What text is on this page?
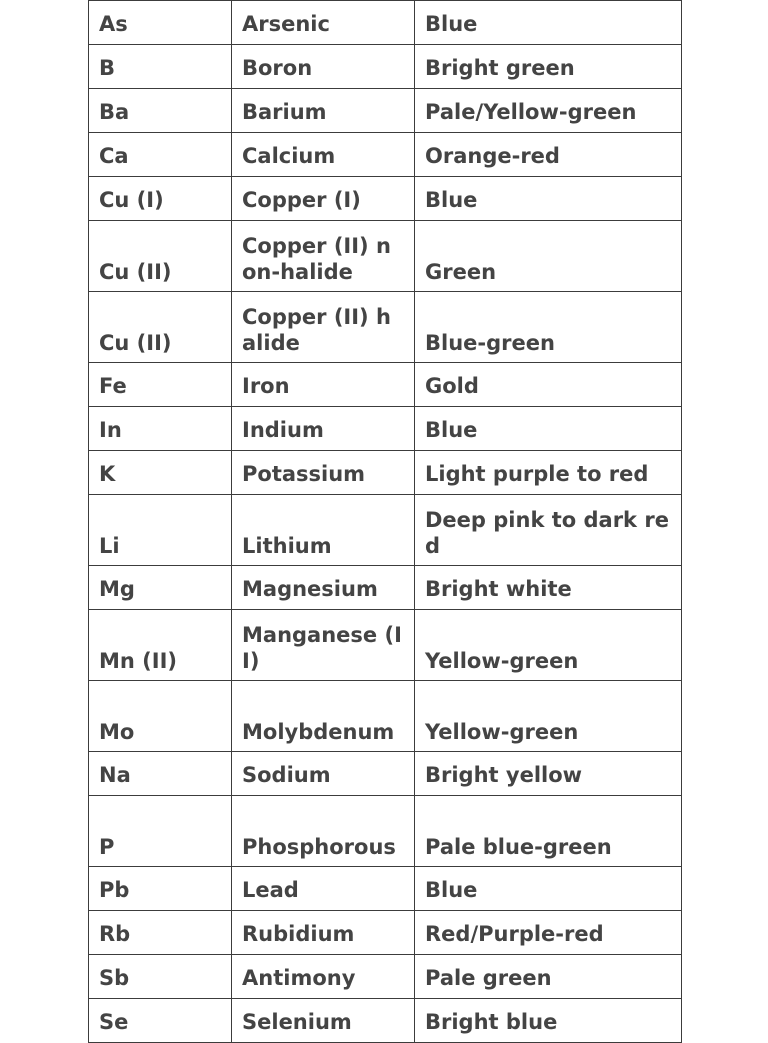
As	Arsenic	Blue
B	Boron	Bright green
Ba	Barium	Pale/Yellow-green
Ca	Calcium	Orange-red
Cu (I)	Copper (I)	Blue
Cu (II)	Copper (II) non-halide	Green
Cu (II)	Copper (II) halide	Blue-green
Fe	Iron	Gold
In	Indium	Blue
K	Potassium	Light purple to red
Li	Lithium	Deep pink to dark red
Mg	Magnesium	Bright white
Mn (II)	Manganese (II)	Yellow-green
Mo	Molybdenum	Yellow-green
Na	Sodium	Bright yellow
P	Phosphorous	Pale blue-green
Pb	Lead	Blue
Rb	Rubidium	Red/Purple-red
Sb	Antimony	Pale green
Se	Selenium	Bright blue
